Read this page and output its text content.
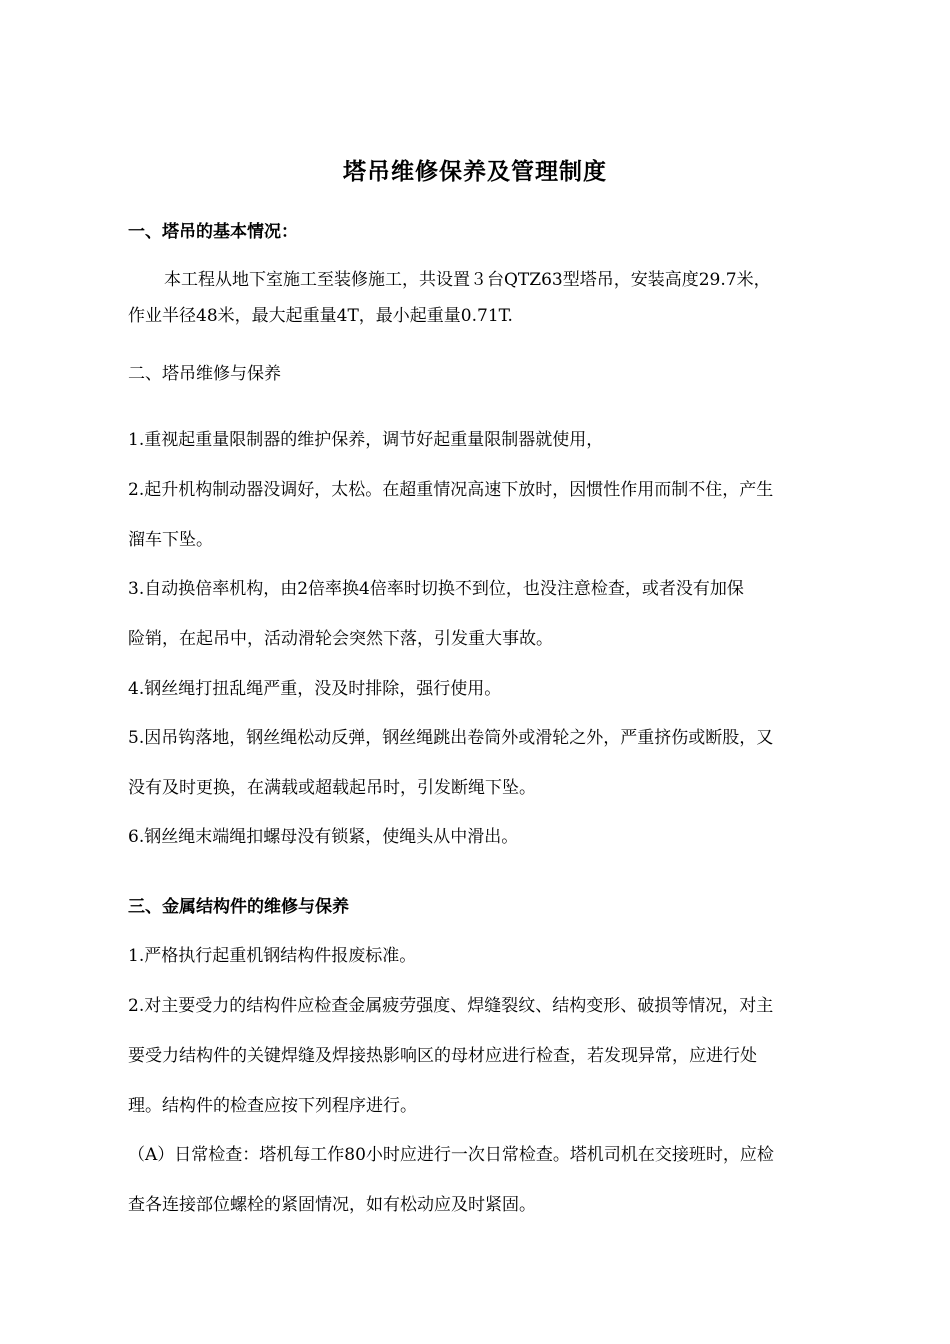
塔吊维修保养及管理制度
一、塔吊的基本情况：
本工程从地下室施工至装修施工，共设置３台QTZ63型塔吊，安装高度29.7米，
作业半径48米，最大起重量4T，最小起重量0.71T.
二、塔吊维修与保养
1.重视起重量限制器的维护保养，调节好起重量限制器就使用，
2.起升机构制动器没调好，太松。在超重情况高速下放时，因惯性作用而制不住，产生
溜车下坠。
3.自动换倍率机构，由2倍率换4倍率时切换不到位，也没注意检查，或者没有加保
险销，在起吊中，活动滑轮会突然下落，引发重大事故。
4.钢丝绳打扭乱绳严重，没及时排除，强行使用。
5.因吊钩落地，钢丝绳松动反弹，钢丝绳跳出卷筒外或滑轮之外，严重挤伤或断股，又
没有及时更换，在满载或超载起吊时，引发断绳下坠。
6.钢丝绳末端绳扣螺母没有锁紧，使绳头从中滑出。
三、金属结构件的维修与保养
1.严格执行起重机钢结构件报废标准。
2.对主要受力的结构件应检查金属疲劳强度、焊缝裂纹、结构变形、破损等情况，对主
要受力结构件的关键焊缝及焊接热影响区的母材应进行检查，若发现异常，应进行处
理。结构件的检查应按下列程序进行。
（A）日常检查：塔机每工作80小时应进行一次日常检查。塔机司机在交接班时，应检
查各连接部位螺栓的紧固情况，如有松动应及时紧固。
